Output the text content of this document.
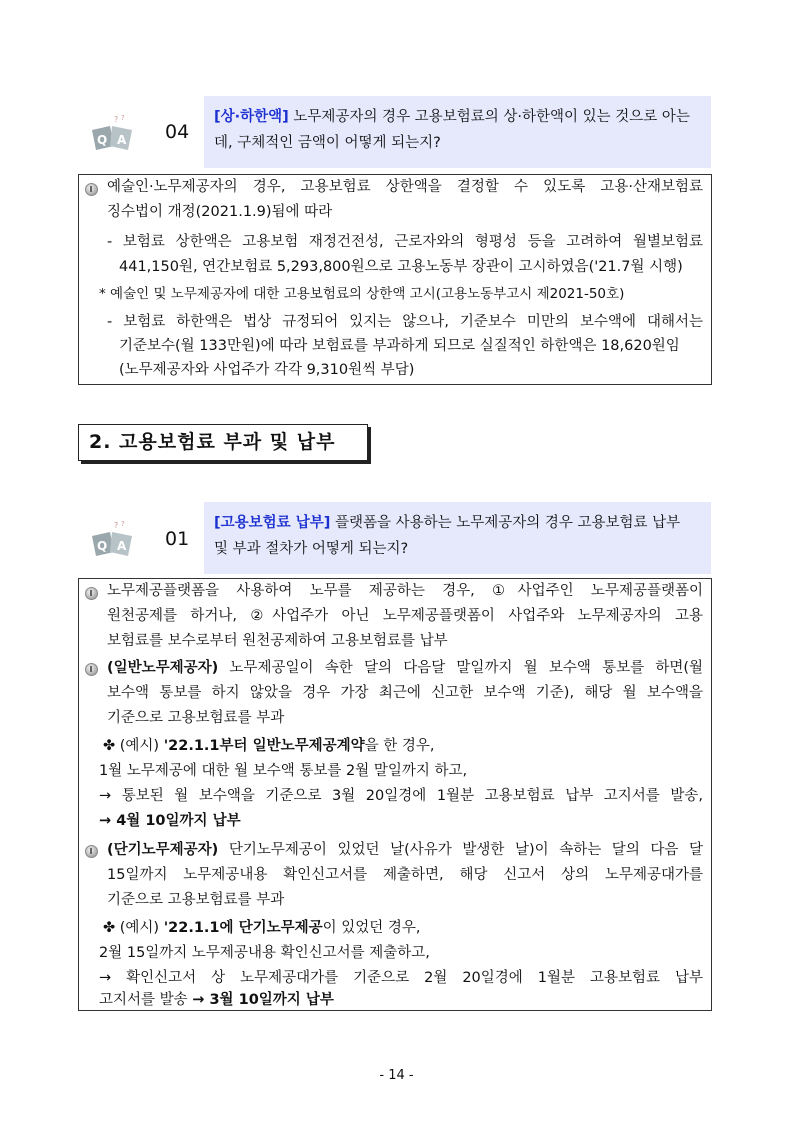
Q A
? ?
04
[상·하한액] 노무제공자의 경우 고용보험료의 상·하한액이 있는 것으로 아는
데, 구체적인 금액이 어떻게 되는지?
예술인·노무제공자의 경우, 고용보험료 상한액을 결정할 수 있도록 고용·산재보험료
징수법이 개정(2021.1.9)됨에 따라
- 보험료 상한액은 고용보험 재정건전성, 근로자와의 형평성 등을 고려하여 월별보험료
441,150원, 연간보험료 5,293,800원으로 고용노동부 장관이 고시하였음('21.7월 시행)
* 예술인 및 노무제공자에 대한 고용보험료의 상한액 고시(고용노동부고시 제2021-50호)
- 보험료 하한액은 법상 규정되어 있지는 않으나, 기준보수 미만의 보수액에 대해서는
기준보수(월 133만원)에 따라 보험료를 부과하게 되므로 실질적인 하한액은 18,620원임
(노무제공자와 사업주가 각각 9,310원씩 부담)
2. 고용보험료 부과 및 납부
Q A
? ?
01
[고용보험료 납부] 플랫폼을 사용하는 노무제공자의 경우 고용보험료 납부
및 부과 절차가 어떻게 되는지?
노무제공플랫폼을 사용하여 노무를 제공하는 경우, ①사업주인 노무제공플랫폼이
원천공제를 하거나, ②사업주가 아닌 노무제공플랫폼이 사업주와 노무제공자의 고용
보험료를 보수로부터 원천공제하여 고용보험료를 납부
(일반노무제공자) 노무제공일이 속한 달의 다음달 말일까지 월 보수액 통보를 하면(월
보수액 통보를 하지 않았을 경우 가장 최근에 신고한 보수액 기준), 해당 월 보수액을
기준으로 고용보험료를 부과
✤ (예시) '22.1.1부터 일반노무제공계약을 한 경우,
1월 노무제공에 대한 월 보수액 통보를 2월 말일까지 하고,
→ 통보된 월 보수액을 기준으로 3월 20일경에 1월분 고용보험료 납부 고지서를 발송,
→ 4월 10일까지 납부
(단기노무제공자) 단기노무제공이 있었던 날(사유가 발생한 날)이 속하는 달의 다음 달
15일까지 노무제공내용 확인신고서를 제출하면, 해당 신고서 상의 노무제공대가를
기준으로 고용보험료를 부과
✤ (예시) '22.1.1에 단기노무제공이 있었던 경우,
2월 15일까지 노무제공내용 확인신고서를 제출하고,
→ 확인신고서 상 노무제공대가를 기준으로 2월 20일경에 1월분 고용보험료 납부
고지서를 발송 → 3월 10일까지 납부
- 14 -
